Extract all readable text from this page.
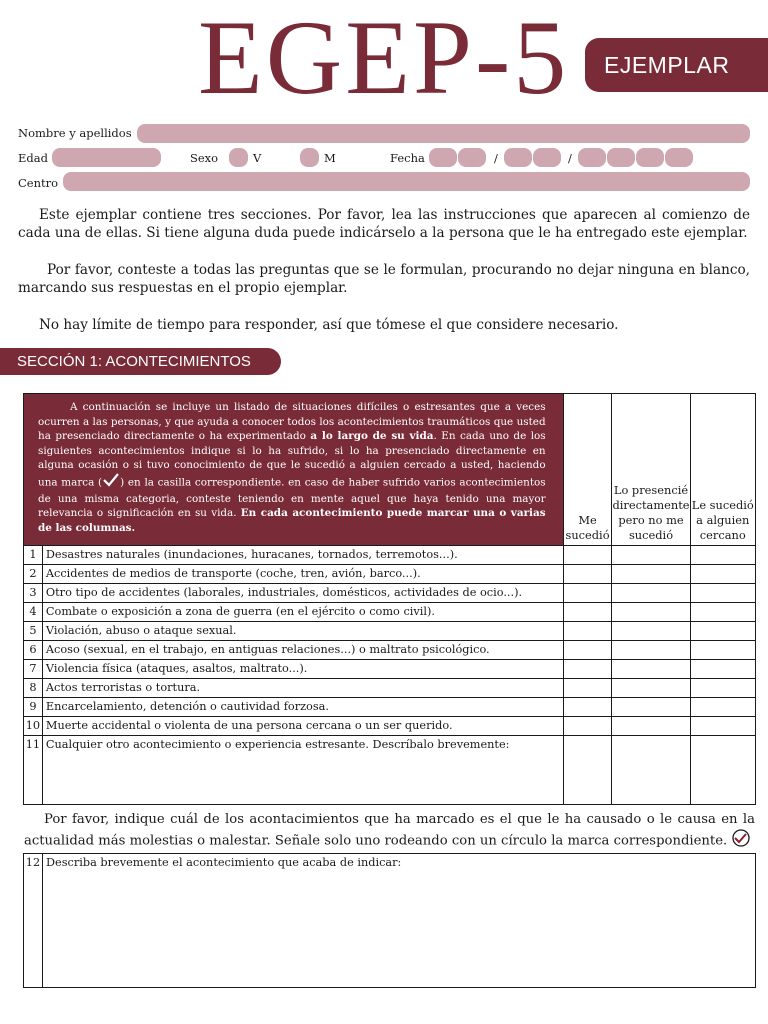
EGEP-5	EJEMPLAR
Nombre y apellidos
Edad	Sexo	V	M	Fecha	/	/
Centro
Este ejemplar contiene tres secciones. Por favor, lea las instrucciones que aparecen al comienzo de cada una de ellas. Si tiene alguna duda puede indicárselo a la persona que le ha entregado este ejemplar.
Por favor, conteste a todas las preguntas que se le formulan, procurando no dejar ninguna en blanco, marcando sus respuestas en el propio ejemplar.
No hay límite de tiempo para responder, así que tómese el que considere necesario.
SECCIÓN 1: ACONTECIMIENTOS
A continuación se incluye un listado de situaciones difíciles o estresantes que a veces ocurren a las personas, y que ayuda a conocer todos los acontecimientos traumáticos que usted ha presenciado directamente o ha experimentado a lo largo de su vida. En cada uno de los siguientes acontecimientos indique si lo ha sufrido, si lo ha presenciado directamente en alguna ocasión o si tuvo conocimiento de que le sucedió a alguien cercado a usted, haciendo una marca ( ) en la casilla correspondiente. en caso de haber sufrido varios acontecimientos de una misma categoria, conteste teniendo en mente aquel que haya tenido una mayor relevancia o significación en su vida. En cada acontecimiento puede marcar una o varias de las columnas.		Me sucedió	Lo presencié directamente pero no me sucedió	Le sucedió a alguien cercano
1	Desastres naturales (inundaciones, huracanes, tornados, terremotos...).			
2	Accidentes de medios de transporte (coche, tren, avión, barco...).			
3	Otro tipo de accidentes (laborales, industriales, domésticos, actividades de ocio...).			
4	Combate o exposición a zona de guerra (en el ejército o como civil).			
5	Violación, abuso o ataque sexual.			
6	Acoso (sexual, en el trabajo, en antiguas relaciones...) o maltrato psicológico.			
7	Violencia física (ataques, asaltos, maltrato...).			
8	Actos terroristas o tortura.			
9	Encarcelamiento, detención o cautividad forzosa.			
10	Muerte accidental o violenta de una persona cercana o un ser querido.			
11	Cualquier otro acontecimiento o experiencia estresante. Descríbalo brevemente:			
Por favor, indique cuál de los acontacimientos que ha marcado es el que le ha causado o le causa en la actualidad más molestias o malestar. Señale solo uno rodeando con un círculo la marca correspondiente.
12	Describa brevemente el acontecimiento que acaba de indicar:
